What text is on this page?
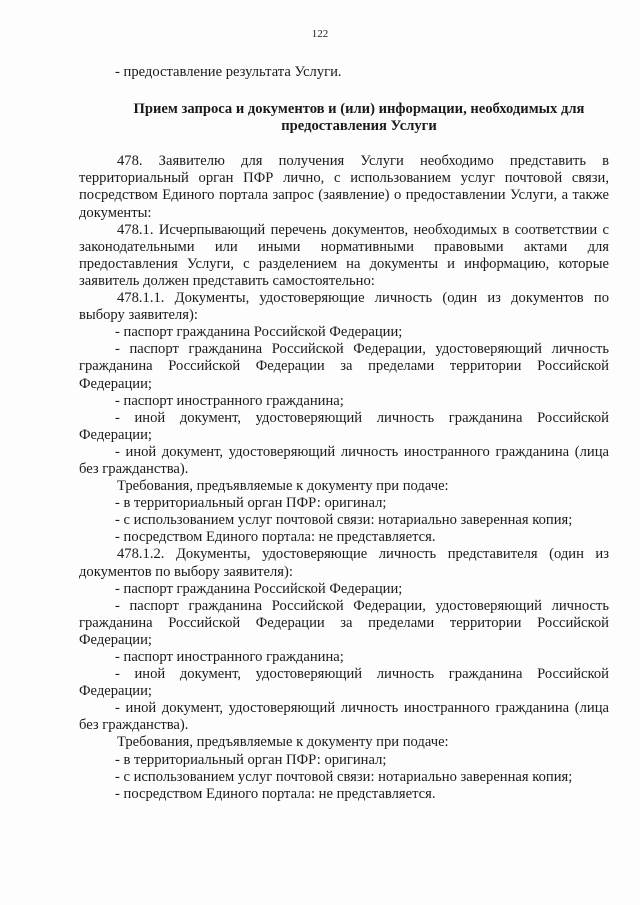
122

- предоставление результата Услуги.

Прием запроса и документов и (или) информации, необходимых для предоставления Услуги

478. Заявителю для получения Услуги необходимо представить в территориальный орган ПФР лично, с использованием услуг почтовой связи, посредством Единого портала запрос (заявление) о предоставлении Услуги, а также документы:

478.1. Исчерпывающий перечень документов, необходимых в соответствии с законодательными или иными нормативными правовыми актами для предоставления Услуги, с разделением на документы и информацию, которые заявитель должен представить самостоятельно:

478.1.1. Документы, удостоверяющие личность (один из документов по выбору заявителя):

- паспорт гражданина Российской Федерации;

- паспорт гражданина Российской Федерации, удостоверяющий личность гражданина Российской Федерации за пределами территории Российской Федерации;

- паспорт иностранного гражданина;

- иной документ, удостоверяющий личность гражданина Российской Федерации;

- иной документ, удостоверяющий личность иностранного гражданина (лица без гражданства).

Требования, предъявляемые к документу при подаче:

- в территориальный орган ПФР: оригинал;

- с использованием услуг почтовой связи: нотариально заверенная копия;

- посредством Единого портала: не представляется.

478.1.2. Документы, удостоверяющие личность представителя (один из документов по выбору заявителя):

- паспорт гражданина Российской Федерации;

- паспорт гражданина Российской Федерации, удостоверяющий личность гражданина Российской Федерации за пределами территории Российской Федерации;

- паспорт иностранного гражданина;

- иной документ, удостоверяющий личность гражданина Российской Федерации;

- иной документ, удостоверяющий личность иностранного гражданина (лица без гражданства).

Требования, предъявляемые к документу при подаче:

- в территориальный орган ПФР: оригинал;

- с использованием услуг почтовой связи: нотариально заверенная копия;

- посредством Единого портала: не представляется.
